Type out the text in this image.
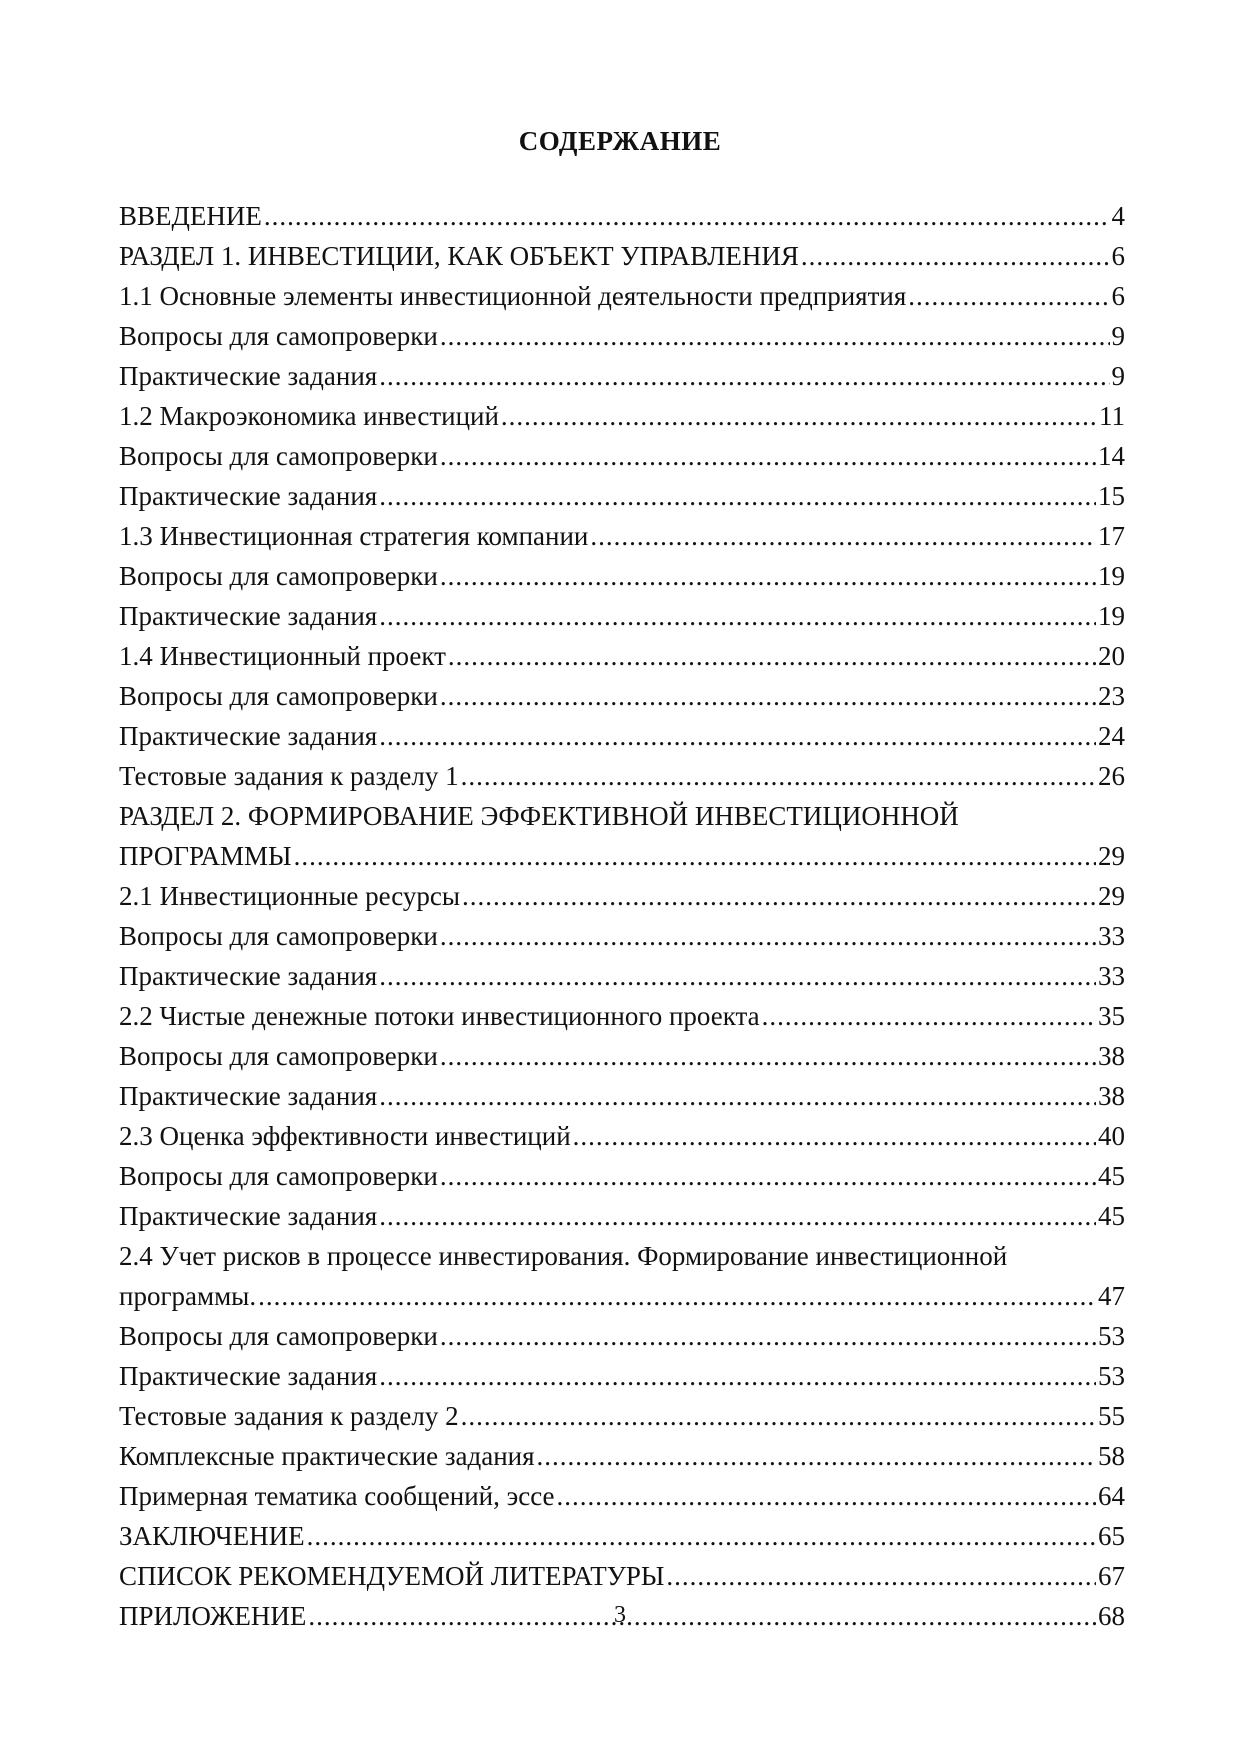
СОДЕРЖАНИЕ
ВВЕДЕНИЕ .....	4
РАЗДЕЛ 1. ИНВЕСТИЦИИ, КАК ОБЪЕКТ УПРАВЛЕНИЯ .....	6
1.1 Основные элементы инвестиционной деятельности предприятия .....	6
Вопросы для самопроверки .....	9
Практические задания .....	9
1.2 Макроэкономика инвестиций .....	11
Вопросы для самопроверки .....	14
Практические задания .....	15
1.3 Инвестиционная стратегия компании .....	17
Вопросы для самопроверки .....	19
Практические задания .....	19
1.4 Инвестиционный проект .....	20
Вопросы для самопроверки .....	23
Практические задания .....	24
Тестовые задания к разделу 1 .....	26
РАЗДЕЛ 2. ФОРМИРОВАНИЕ ЭФФЕКТИВНОЙ ИНВЕСТИЦИОННОЙ
ПРОГРАММЫ .....	29
2.1 Инвестиционные ресурсы .....	29
Вопросы для самопроверки .....	33
Практические задания .....	33
2.2 Чистые денежные потоки инвестиционного проекта .....	35
Вопросы для самопроверки .....	38
Практические задания .....	38
2.3 Оценка эффективности инвестиций .....	40
Вопросы для самопроверки .....	45
Практические задания .....	45
2.4 Учет рисков в процессе инвестирования. Формирование инвестиционной
программы. .....	47
Вопросы для самопроверки .....	53
Практические задания .....	53
Тестовые задания к разделу 2 .....	55
Комплексные практические задания .....	58
Примерная тематика сообщений, эссе .....	64
ЗАКЛЮЧЕНИЕ .....	65
СПИСОК РЕКОМЕНДУЕМОЙ ЛИТЕРАТУРЫ .....	67
ПРИЛОЖЕНИЕ .....	68
3
